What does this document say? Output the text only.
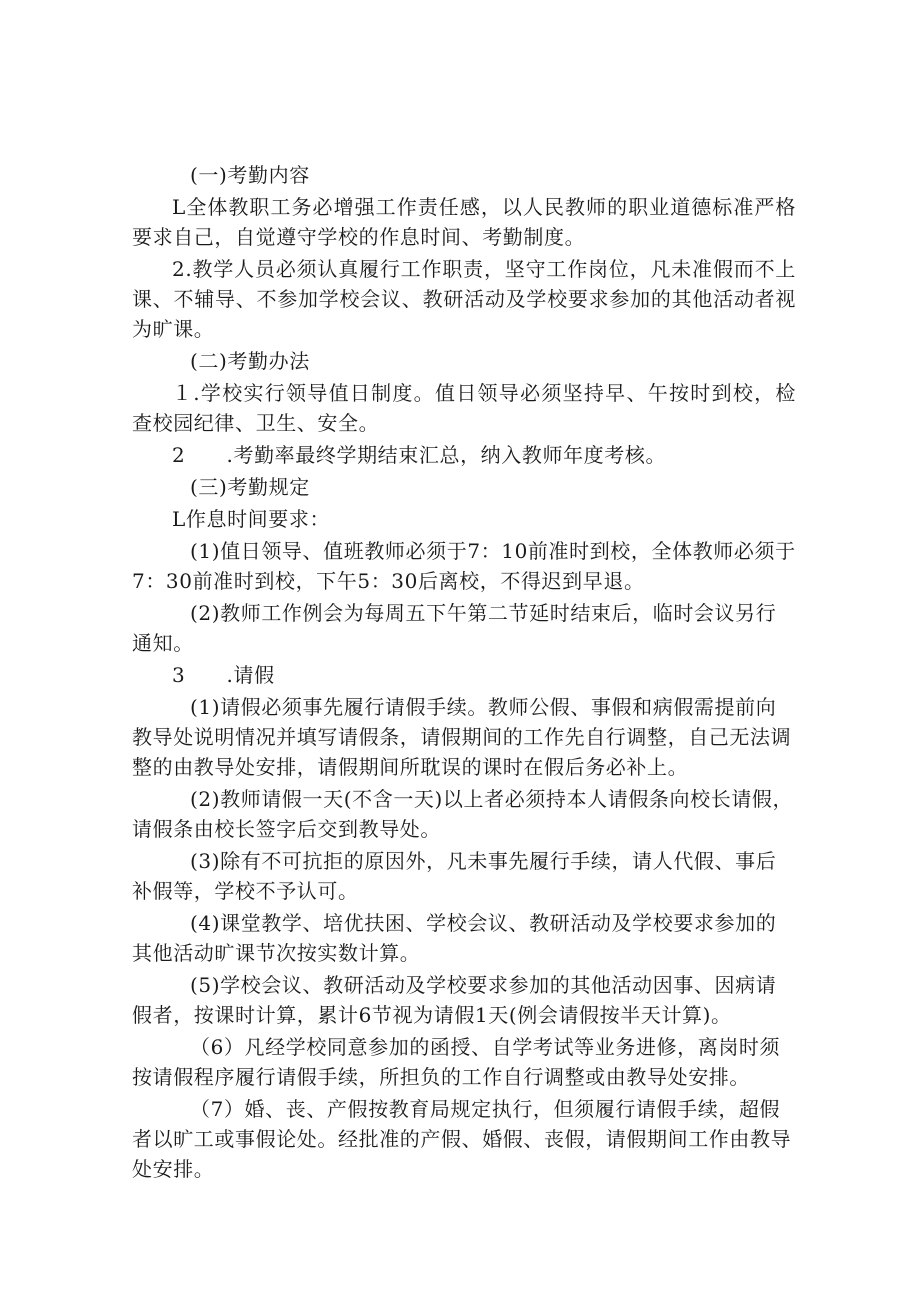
(一)考勤内容

L全体教职工务必增强工作责任感，以人民教师的职业道德标准严格要求自己，自觉遵守学校的作息时间、考勤制度。

2.教学人员必须认真履行工作职责，坚守工作岗位，凡未准假而不上课、不辅导、不参加学校会议、教研活动及学校要求参加的其他活动者视为旷课。

(二)考勤办法

１.学校实行领导值日制度。值日领导必须坚持早、午按时到校，检查校园纪律、卫生、安全。

2　　.考勤率最终学期结束汇总，纳入教师年度考核。

(三)考勤规定

L作息时间要求：

(1)值日领导、值班教师必须于7：10前准时到校，全体教师必须于7：30前准时到校，下午5：30后离校，不得迟到早退。

(2)教师工作例会为每周五下午第二节延时结束后，临时会议另行通知。

3　　.请假

(1)请假必须事先履行请假手续。教师公假、事假和病假需提前向教导处说明情况并填写请假条，请假期间的工作先自行调整，自己无法调整的由教导处安排，请假期间所耽误的课时在假后务必补上。

(2)教师请假一天(不含一天)以上者必须持本人请假条向校长请假，请假条由校长签字后交到教导处。

(3)除有不可抗拒的原因外，凡未事先履行手续，请人代假、事后补假等，学校不予认可。

(4)课堂教学、培优扶困、学校会议、教研活动及学校要求参加的其他活动旷课节次按实数计算。

(5)学校会议、教研活动及学校要求参加的其他活动因事、因病请假者，按课时计算，累计6节视为请假1天(例会请假按半天计算)。

（6）凡经学校同意参加的函授、自学考试等业务进修，离岗时须按请假程序履行请假手续，所担负的工作自行调整或由教导处安排。

（7）婚、丧、产假按教育局规定执行，但须履行请假手续，超假者以旷工或事假论处。经批准的产假、婚假、丧假，请假期间工作由教导处安排。
